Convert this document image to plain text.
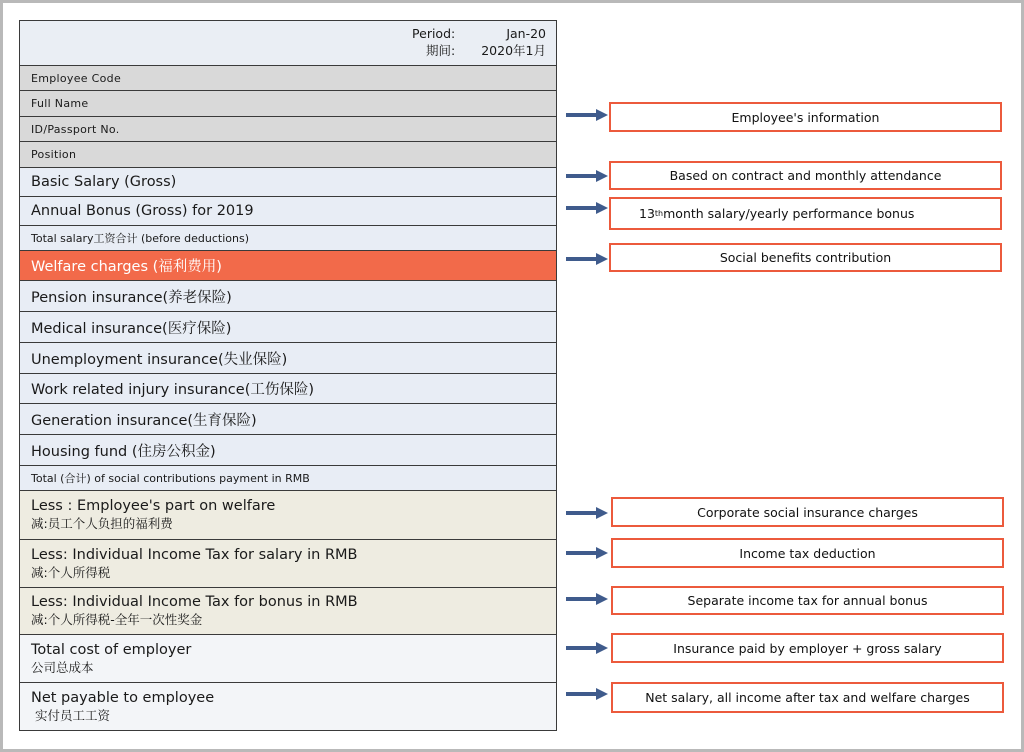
Period:	Jan-20
期间: 2020年1月
Employee Code
Full Name
ID/Passport No.
Position
Basic Salary (Gross)
Annual Bonus (Gross) for 2019
Total salary工资合计 (before deductions)
Welfare charges (福利费用)
Pension insurance(养老保险)
Medical insurance(医疗保险)
Unemployment insurance(失业保险)
Work related injury insurance(工伤保险)
Generation insurance(生育保险)
Housing fund (住房公积金)
Total (合计) of social contributions payment in RMB
Less : Employee's part on welfare
减:员工个人负担的福利费
Less: Individual Income Tax for salary in RMB
减:个人所得税
Less: Individual Income Tax for bonus in RMB
减:个人所得税-全年一次性奖金
Total cost of employer
公司总成本
Net payable to employee
实付员工工资
Employee's information
Based on contract and monthly attendance
13 th month salary/yearly performance bonus
Social benefits contribution
Corporate social insurance charges
Income tax deduction
Separate income tax for annual bonus
Insurance paid by employer + gross salary
Net salary, all income after tax and welfare charges
